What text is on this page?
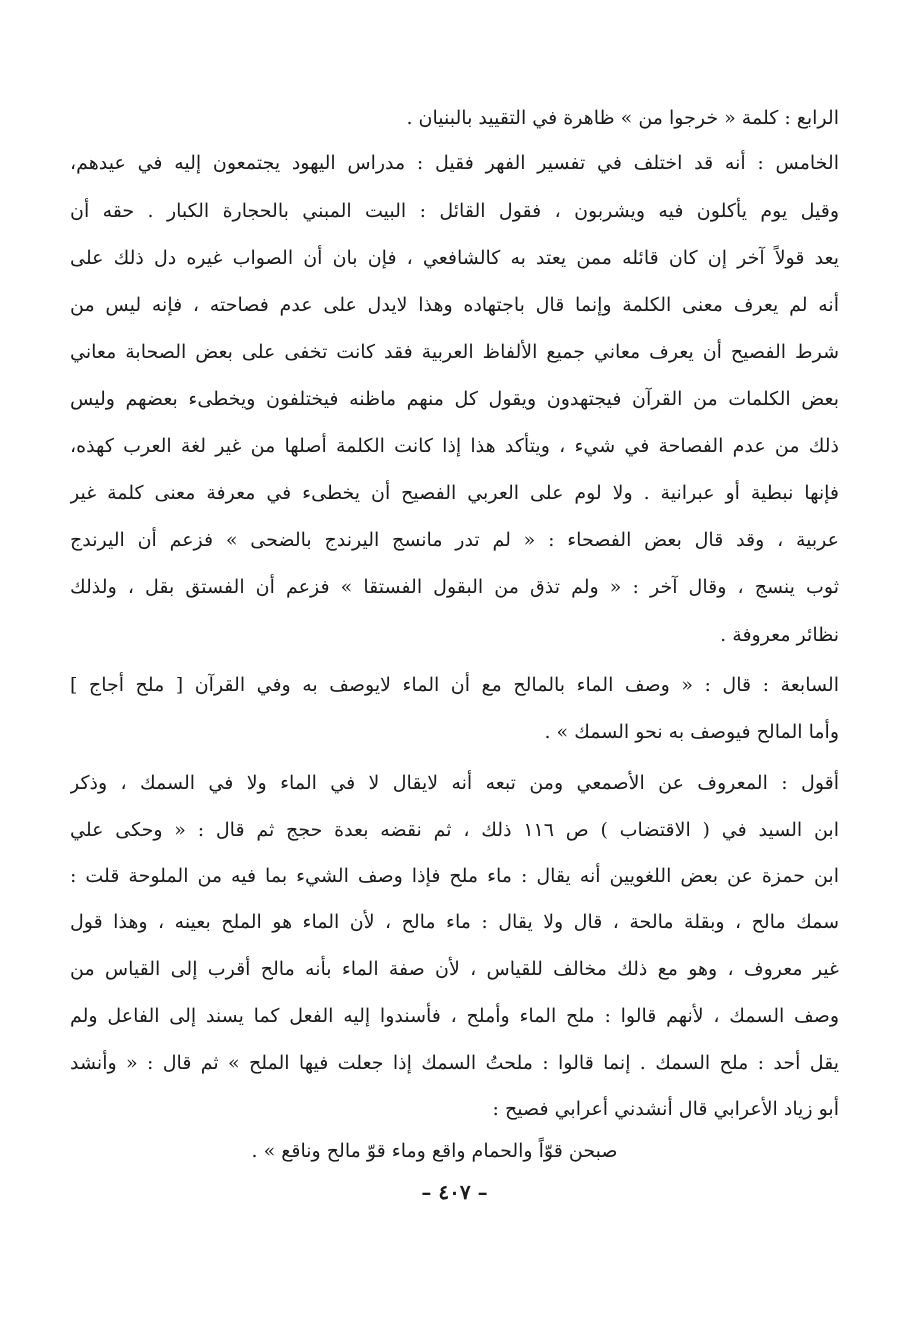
الرابع : كلمة « خرجوا من » ظاهرة في التقييد بالبنيان .
الخامس : أنه قد اختلف في تفسير الفهر فقيل : مدراس اليهود يجتمعون إليه في عيدهم،
وقيل يوم يأكلون فيه ويشربون ، فقول القائل : البيت المبني بالحجارة الكبار . حقه أن
يعد قولاً آخر إن كان قائله ممن يعتد به كالشافعي ، فإن بان أن الصواب غيره دل ذلك على
أنه لم يعرف معنى الكلمة وإنما قال باجتهاده وهذا لايدل على عدم فصاحته ، فإنه ليس من
شرط الفصيح أن يعرف معاني جميع الألفاظ العربية فقد كانت تخفى على بعض الصحابة معاني
بعض الكلمات من القرآن فيجتهدون ويقول كل منهم ماظنه فيختلفون ويخطىء بعضهم وليس
ذلك من عدم الفصاحة في شيء ، ويتأكد هذا إذا كانت الكلمة أصلها من غير لغة العرب كهذه،
فإنها نبطية أو عبرانية . ولا لوم على العربي الفصيح أن يخطىء في معرفة معنى كلمة غير
عربية ، وقد قال بعض الفصحاء : « لم تدر مانسج اليرندج بالضحى » فزعم أن اليرندج
ثوب ينسج ، وقال آخر : « ولم تذق من البقول الفستقا » فزعم أن الفستق بقل ، ولذلك
نظائر معروفة .
السابعة : قال : « وصف الماء بالمالح مع أن الماء لايوصف به وفي القرآن [ ملح أجاج ]
وأما المالح فيوصف به نحو السمك » .
أقول : المعروف عن الأصمعي ومن تبعه أنه لايقال لا في الماء ولا في السمك ، وذكر
ابن السيد في ( الاقتضاب ) ص ١١٦ ذلك ، ثم نقضه بعدة حجج ثم قال : « وحكى علي
ابن حمزة عن بعض اللغويين أنه يقال : ماء ملح فإذا وصف الشيء بما فيه من الملوحة قلت :
سمك مالح ، وبقلة مالحة ، قال ولا يقال : ماء مالح ، لأن الماء هو الملح بعينه ، وهذا قول
غير معروف ، وهو مع ذلك مخالف للقياس ، لأن صفة الماء بأنه مالح أقرب إلى القياس من
وصف السمك ، لأنهم قالوا : ملح الماء وأملح ، فأسندوا إليه الفعل كما يسند إلى الفاعل ولم
يقل أحد : ملح السمك . إنما قالوا : ملحتُ السمك إذا جعلت فيها الملح » ثم قال : « وأنشد
أبو زياد الأعرابي قال أنشدني أعرابي فصيح :
صبحن قوّاً والحمام واقع وماء قوّ مالح وناقع » .
– ٤٠٧ –
